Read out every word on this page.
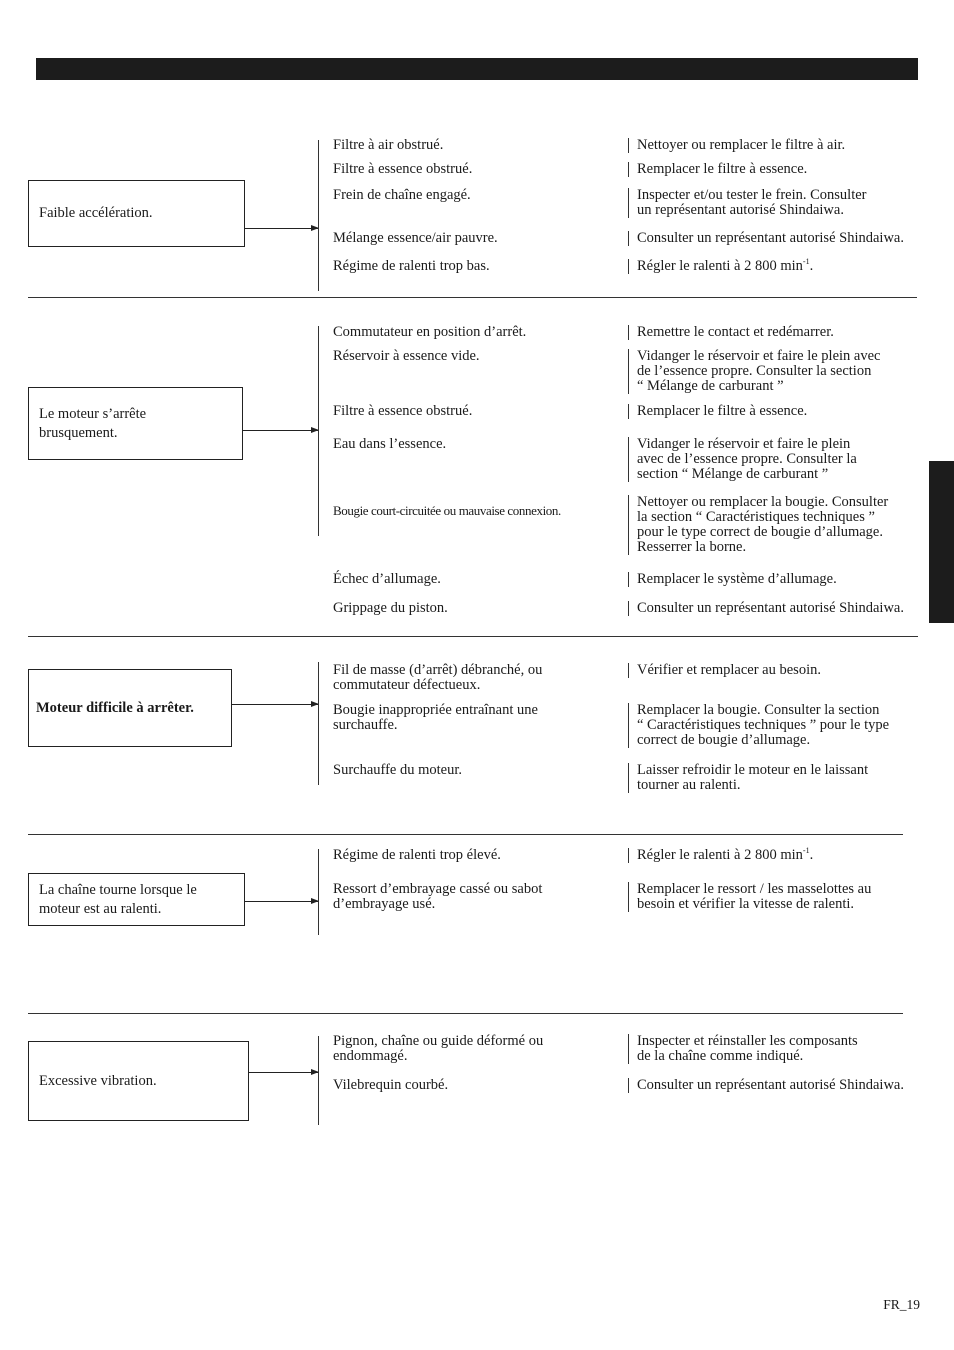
Faible accélération.
Filtre à air obstrué.
Filtre à essence obstrué.
Frein de chaîne engagé.
Mélange essence/air pauvre.
Régime de ralenti trop bas.
Nettoyer ou remplacer le filtre à air.
Remplacer le filtre à essence.
Inspecter et/ou tester le frein. Consulter
un représentant autorisé Shindaiwa.
Consulter un représentant autorisé Shindaiwa.
Régler le ralenti à 2 800 $\min^{-1}$.
Le moteur s’arrête
brusquement.
Commutateur en position d’arrêt.
Réservoir à essence vide.
Filtre à essence obstrué.
Eau dans l’essence.
Bougie court-circuitée ou mauvaise connexion.
Échec d’allumage.
Grippage du piston.
Remettre le contact et redémarrer.
Vidanger le réservoir et faire le plein avec
de l’essence propre. Consulter la section
“ Mélange de carburant ”
Remplacer le filtre à essence.
Vidanger le réservoir et faire le plein
avec de l’essence propre. Consulter la
section “ Mélange de carburant ”
Nettoyer ou remplacer la bougie. Consulter
la section “ Caractéristiques techniques ”
pour le type correct de bougie d’allumage.
Resserrer la borne.
Remplacer le système d’allumage.
Consulter un représentant autorisé Shindaiwa.
Moteur difficile à arrêter.
Fil de masse (d’arrêt) débranché, ou
commutateur défectueux.
Bougie inappropriée entraînant une
surchauffe.
Surchauffe du moteur.
Vérifier et remplacer au besoin.
Remplacer la bougie. Consulter la section
“ Caractéristiques techniques ” pour le type
correct de bougie d’allumage.
Laisser refroidir le moteur en le laissant
tourner au ralenti.
La chaîne tourne lorsque le
moteur est au ralenti.
Régime de ralenti trop élevé.
Ressort d’embrayage cassé ou sabot
d’embrayage usé.
Régler le ralenti à 2 800 $\min^{-1}$.
Remplacer le ressort / les masselottes au
besoin et vérifier la vitesse de ralenti.
Excessive vibration.
Pignon, chaîne ou guide déformé ou
endommagé.
Vilebrequin courbé.
Inspecter et réinstaller les composants
de la chaîne comme indiqué.
Consulter un représentant autorisé Shindaiwa.
FR_19
